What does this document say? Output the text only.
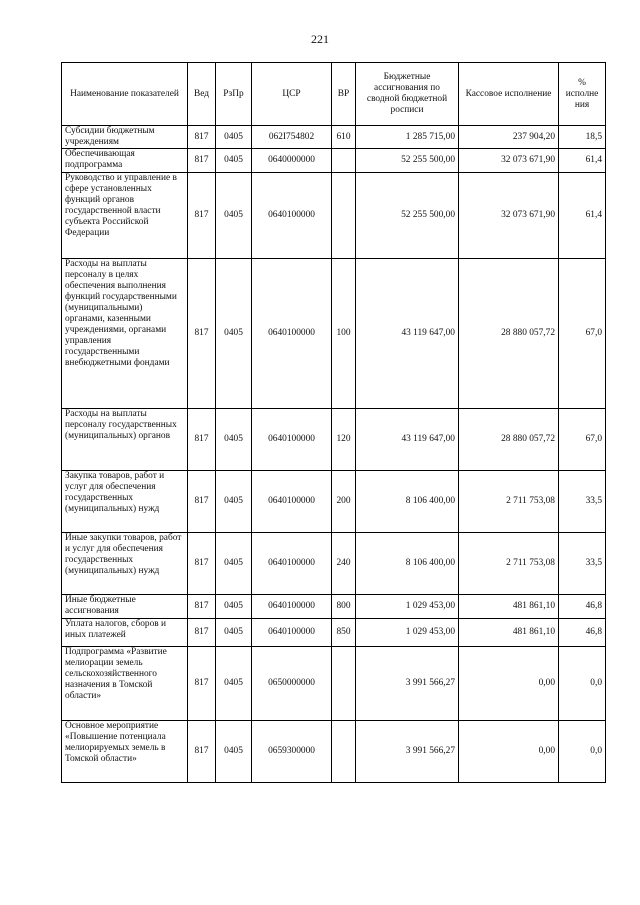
221
Наименование показателей	Вед	РзПр	ЦСР	ВР	Бюджетные ассигнования по сводной бюджетной росписи	Кассовое исполнение	% исполне ния
Субсидии бюджетным учреждениям	817	0405	062I754802	610	1 285 715,00	237 904,20	18,5
Обеспечивающая подпрограмма	817	0405	0640000000		52 255 500,00	32 073 671,90	61,4
Руководство и управление в сфере установленных функций органов государственной власти субъекта Российской Федерации	817	0405	0640100000		52 255 500,00	32 073 671,90	61,4
Расходы на выплаты персоналу в целях обеспечения выполнения функций государственными (муниципальными) органами, казенными учреждениями, органами управления государственными внебюджетными фондами	817	0405	0640100000	100	43 119 647,00	28 880 057,72	67,0
Расходы на выплаты персоналу государственных (муниципальных) органов	817	0405	0640100000	120	43 119 647,00	28 880 057,72	67,0
Закупка товаров, работ и услуг для обеспечения государственных (муниципальных) нужд	817	0405	0640100000	200	8 106 400,00	2 711 753,08	33,5
Иные закупки товаров, работ и услуг для обеспечения государственных (муниципальных) нужд	817	0405	0640100000	240	8 106 400,00	2 711 753,08	33,5
Иные бюджетные ассигнования	817	0405	0640100000	800	1 029 453,00	481 861,10	46,8
Уплата налогов, сборов и иных платежей	817	0405	0640100000	850	1 029 453,00	481 861,10	46,8
Подпрограмма «Развитие мелиорации земель сельскохозяйственного назначения в Томской области»	817	0405	0650000000		3 991 566,27	0,00	0,0
Основное мероприятие «Повышение потенциала мелиорируемых земель в Томской области»	817	0405	0659300000		3 991 566,27	0,00	0,0
